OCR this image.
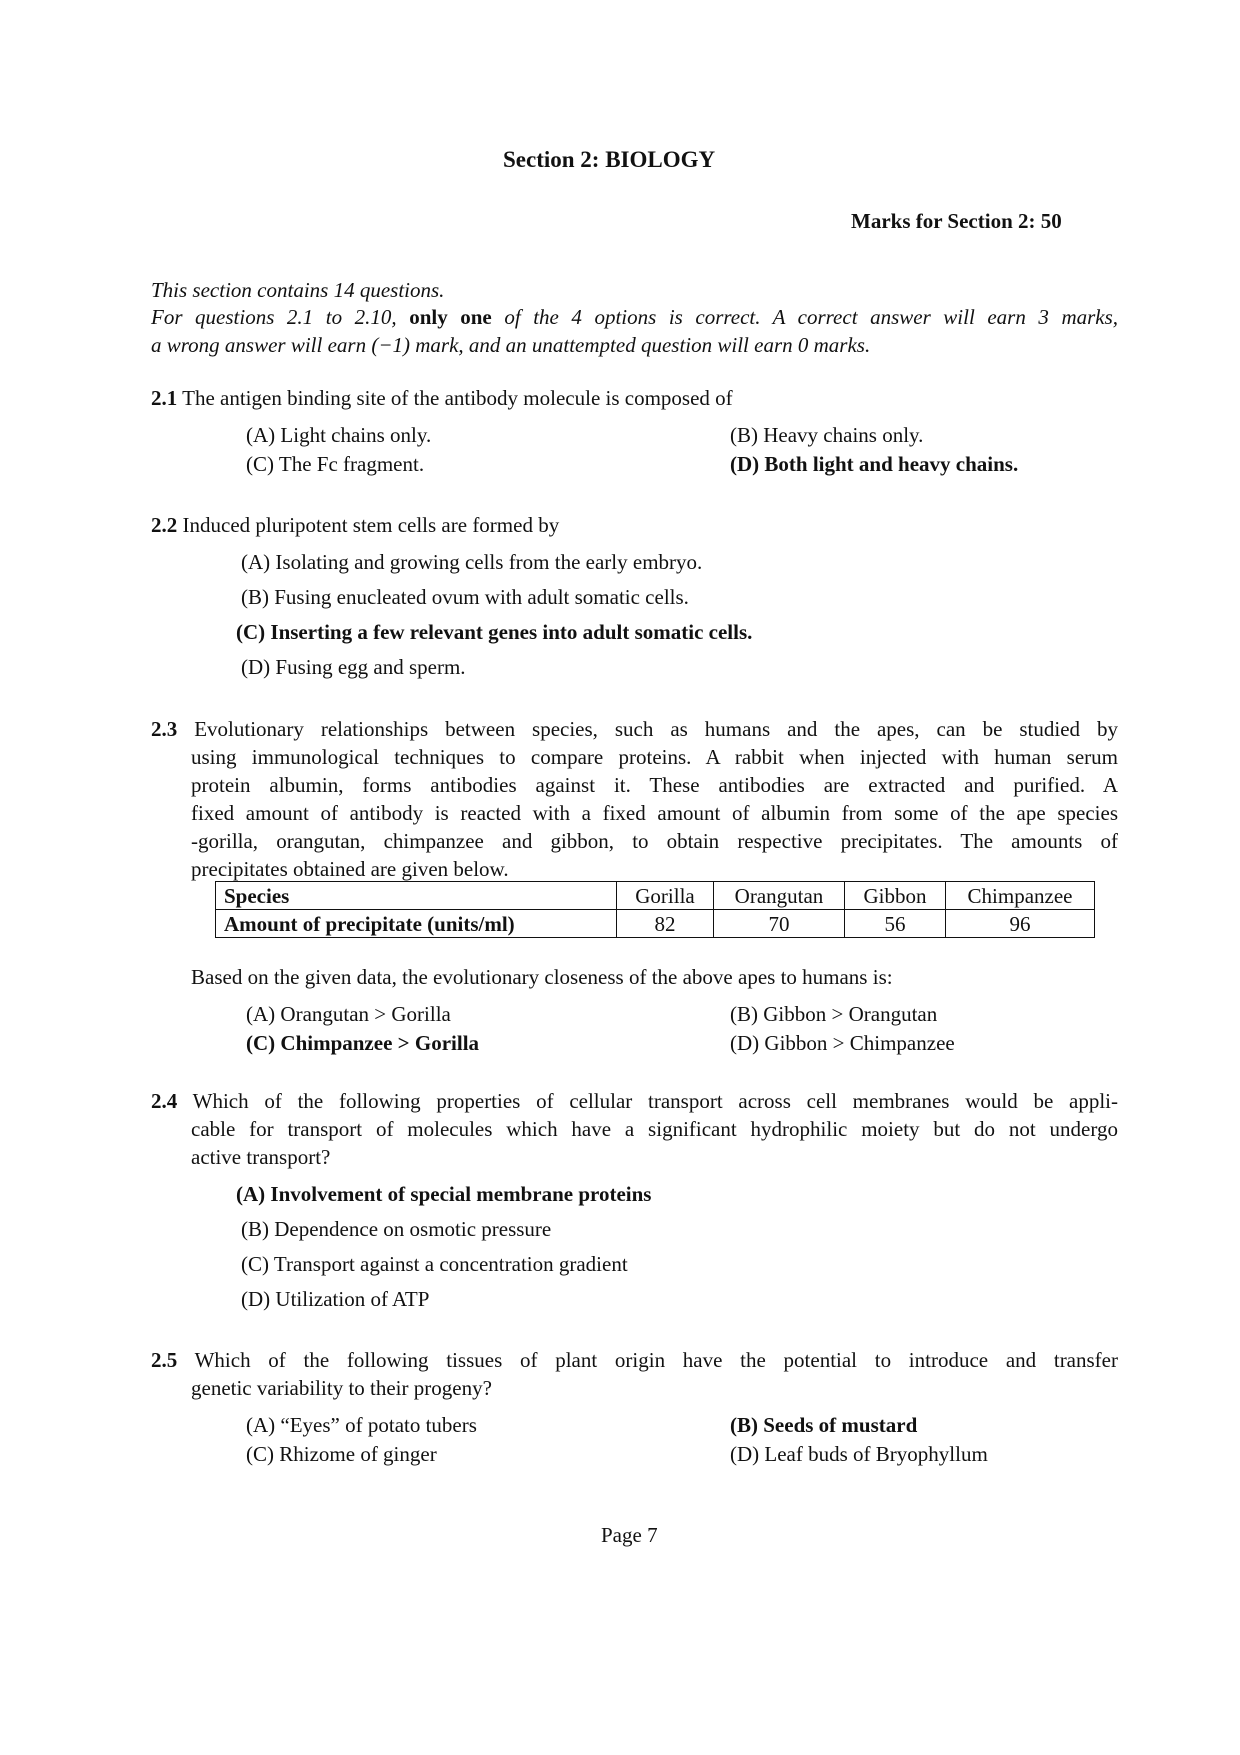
Section 2: BIOLOGY
Marks for Section 2: 50
This section contains 14 questions.
For questions 2.1 to 2.10, only one of the 4 options is correct. A correct answer will earn 3 marks,
a wrong answer will earn (−1) mark, and an unattempted question will earn 0 marks.
2.1 The antigen binding site of the antibody molecule is composed of
(A) Light chains only.	(B) Heavy chains only.
(C) The Fc fragment.	(D) Both light and heavy chains.
2.2 Induced pluripotent stem cells are formed by
(A) Isolating and growing cells from the early embryo.
(B) Fusing enucleated ovum with adult somatic cells.
(C) Inserting a few relevant genes into adult somatic cells.
(D) Fusing egg and sperm.
2.3 Evolutionary relationships between species, such as humans and the apes, can be studied by
using immunological techniques to compare proteins. A rabbit when injected with human serum
protein albumin, forms antibodies against it. These antibodies are extracted and purified. A
fixed amount of antibody is reacted with a fixed amount of albumin from some of the ape species
-gorilla, orangutan, chimpanzee and gibbon, to obtain respective precipitates. The amounts of
precipitates obtained are given below.
Species	Gorilla	Orangutan	Gibbon	Chimpanzee
Amount of precipitate (units/ml)	82	70	56	96
Based on the given data, the evolutionary closeness of the above apes to humans is:
(A) Orangutan > Gorilla	(B) Gibbon > Orangutan
(C) Chimpanzee > Gorilla	(D) Gibbon > Chimpanzee
2.4 Which of the following properties of cellular transport across cell membranes would be appli-
cable for transport of molecules which have a significant hydrophilic moiety but do not undergo
active transport?
(A) Involvement of special membrane proteins
(B) Dependence on osmotic pressure
(C) Transport against a concentration gradient
(D) Utilization of ATP
2.5 Which of the following tissues of plant origin have the potential to introduce and transfer
genetic variability to their progeny?
(A) “Eyes” of potato tubers	(B) Seeds of mustard
(C) Rhizome of ginger	(D) Leaf buds of Bryophyllum
Page 7
